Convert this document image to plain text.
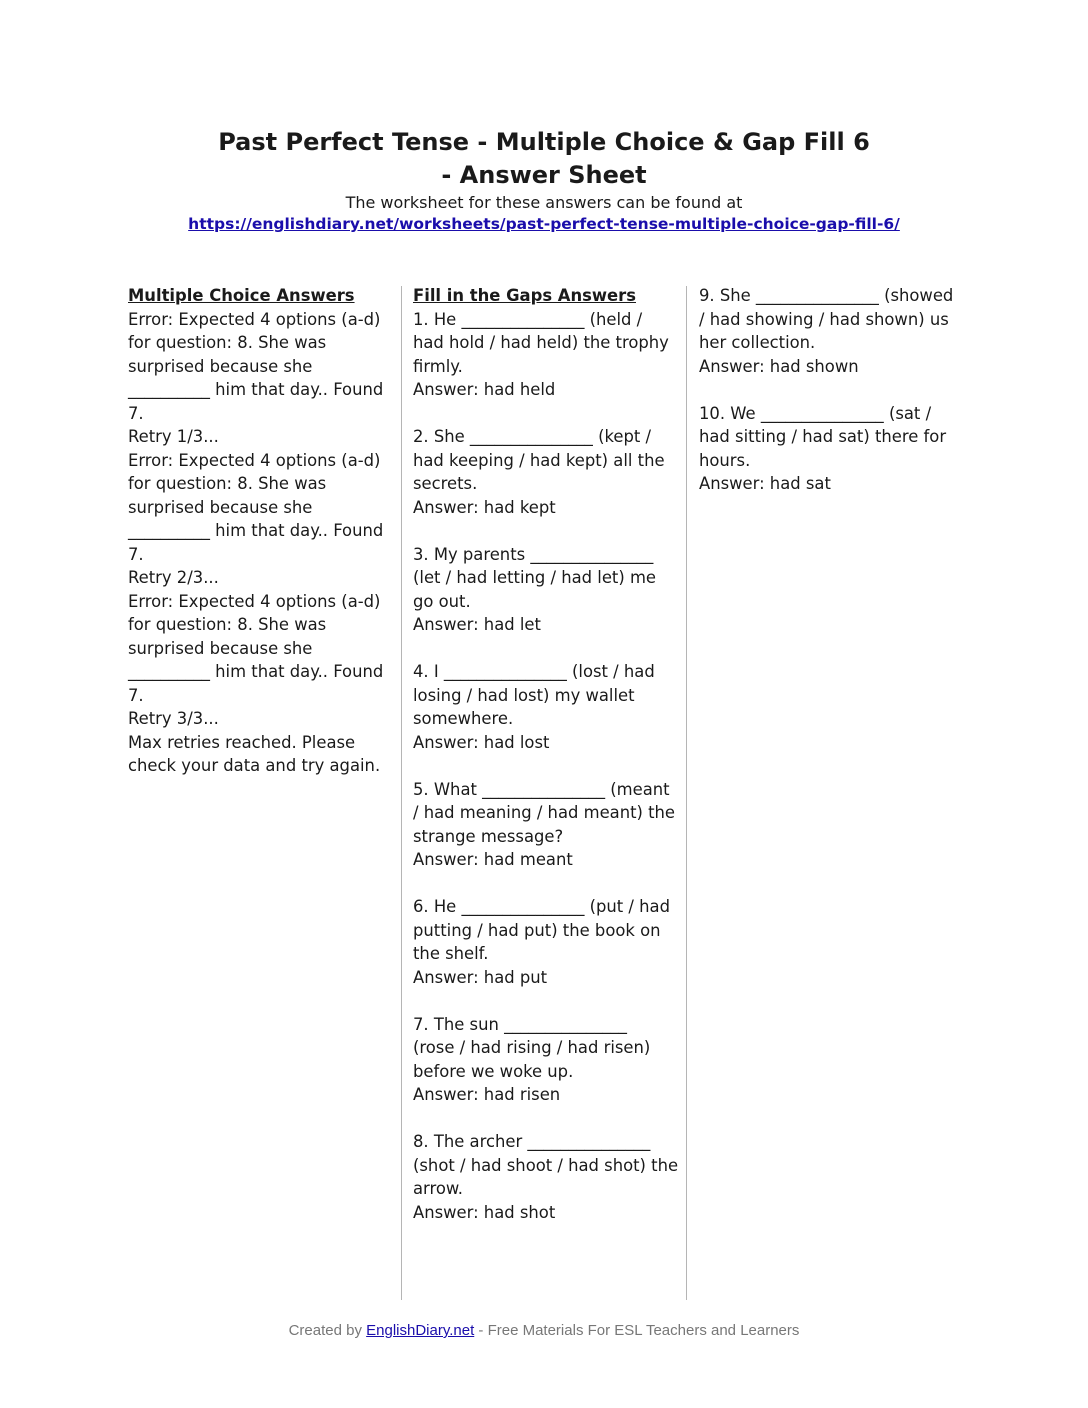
Past Perfect Tense - Multiple Choice & Gap Fill 6
- Answer Sheet
The worksheet for these answers can be found at
https://englishdiary.net/worksheets/past-perfect-tense-multiple-choice-gap-fill-6/
Multiple Choice Answers
Error: Expected 4 options (a-d)
for question: 8. She was
surprised because she
__________ him that day.. Found
7.
Retry 1/3...
Error: Expected 4 options (a-d)
for question: 8. She was
surprised because she
__________ him that day.. Found
7.
Retry 2/3...
Error: Expected 4 options (a-d)
for question: 8. She was
surprised because she
__________ him that day.. Found
7.
Retry 3/3...
Max retries reached. Please
check your data and try again.
Fill in the Gaps Answers
1. He _______________ (held /
had hold / had held) the trophy
firmly.
Answer: had held
2. She _______________ (kept /
had keeping / had kept) all the
secrets.
Answer: had kept
3. My parents _______________
(let / had letting / had let) me
go out.
Answer: had let
4. I _______________ (lost / had
losing / had lost) my wallet
somewhere.
Answer: had lost
5. What _______________ (meant
/ had meaning / had meant) the
strange message?
Answer: had meant
6. He _______________ (put / had
putting / had put) the book on
the shelf.
Answer: had put
7. The sun _______________
(rose / had rising / had risen)
before we woke up.
Answer: had risen
8. The archer _______________
(shot / had shoot / had shot) the
arrow.
Answer: had shot
9. She _______________ (showed
/ had showing / had shown) us
her collection.
Answer: had shown
10. We _______________ (sat /
had sitting / had sat) there for
hours.
Answer: had sat
Created by EnglishDiary.net - Free Materials For ESL Teachers and Learners
